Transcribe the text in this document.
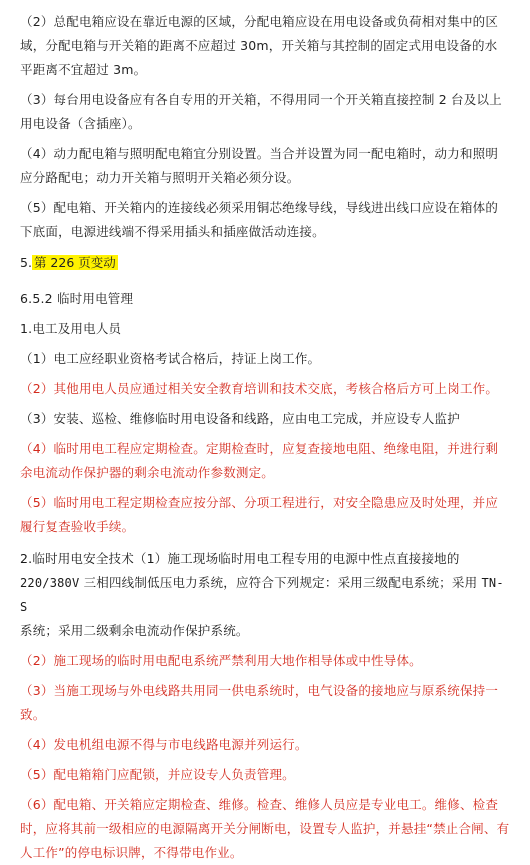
（2）总配电箱应设在靠近电源的区域，分配电箱应设在用电设备或负荷相对集中的区域，分配电箱与开关箱的距离不应超过 30m，开关箱与其控制的固定式用电设备的水平距离不宜超过 3m。

（3）每台用电设备应有各自专用的开关箱，不得用同一个开关箱直接控制 2 台及以上用电设备（含插座）。

（4）动力配电箱与照明配电箱宜分别设置。当合并设置为同一配电箱时，动力和照明应分路配电；动力开关箱与照明开关箱必须分设。

（5）配电箱、开关箱内的连接线必须采用铜芯绝缘导线，导线进出线口应设在箱体的下底面，电源进线端不得采用插头和插座做活动连接。

5. 第 226 页变动

6.5.2 临时用电管理

1.电工及用电人员

（1）电工应经职业资格考试合格后，持证上岗工作。

（2）其他用电人员应通过相关安全教育培训和技术交底，考核合格后方可上岗工作。

（3）安装、巡检、维修临时用电设备和线路，应由电工完成，并应设专人监护

（4）临时用电工程应定期检查。定期检查时，应复查接地电阻、绝缘电阻，并进行剩余电流动作保护器的剩余电流动作参数测定。

（5）临时用电工程定期检查应按分部、分项工程进行，对安全隐患应及时处理，并应履行复查验收手续。

2.临时用电安全技术（1）施工现场临时用电工程专用的电源中性点直接接地的
220/380V 三相四线制低压电力系统，应符合下列规定：采用三级配电系统；采用 TN-S
系统；采用二级剩余电流动作保护系统。

（2）施工现场的临时用电配电系统严禁利用大地作相导体或中性导体。

（3）当施工现场与外电线路共用同一供电系统时，电气设备的接地应与原系统保持一致。

（4）发电机组电源不得与市电线路电源并列运行。

（5）配电箱箱门应配锁，并应设专人负责管理。

（6）配电箱、开关箱应定期检查、维修。检查、维修人员应是专业电工。维修、检查时，应将其前一级相应的电源隔离开关分闸断电，设置专人监护，并悬挂“禁止合闸、有人工作”的停电标识牌，不得带电作业。
